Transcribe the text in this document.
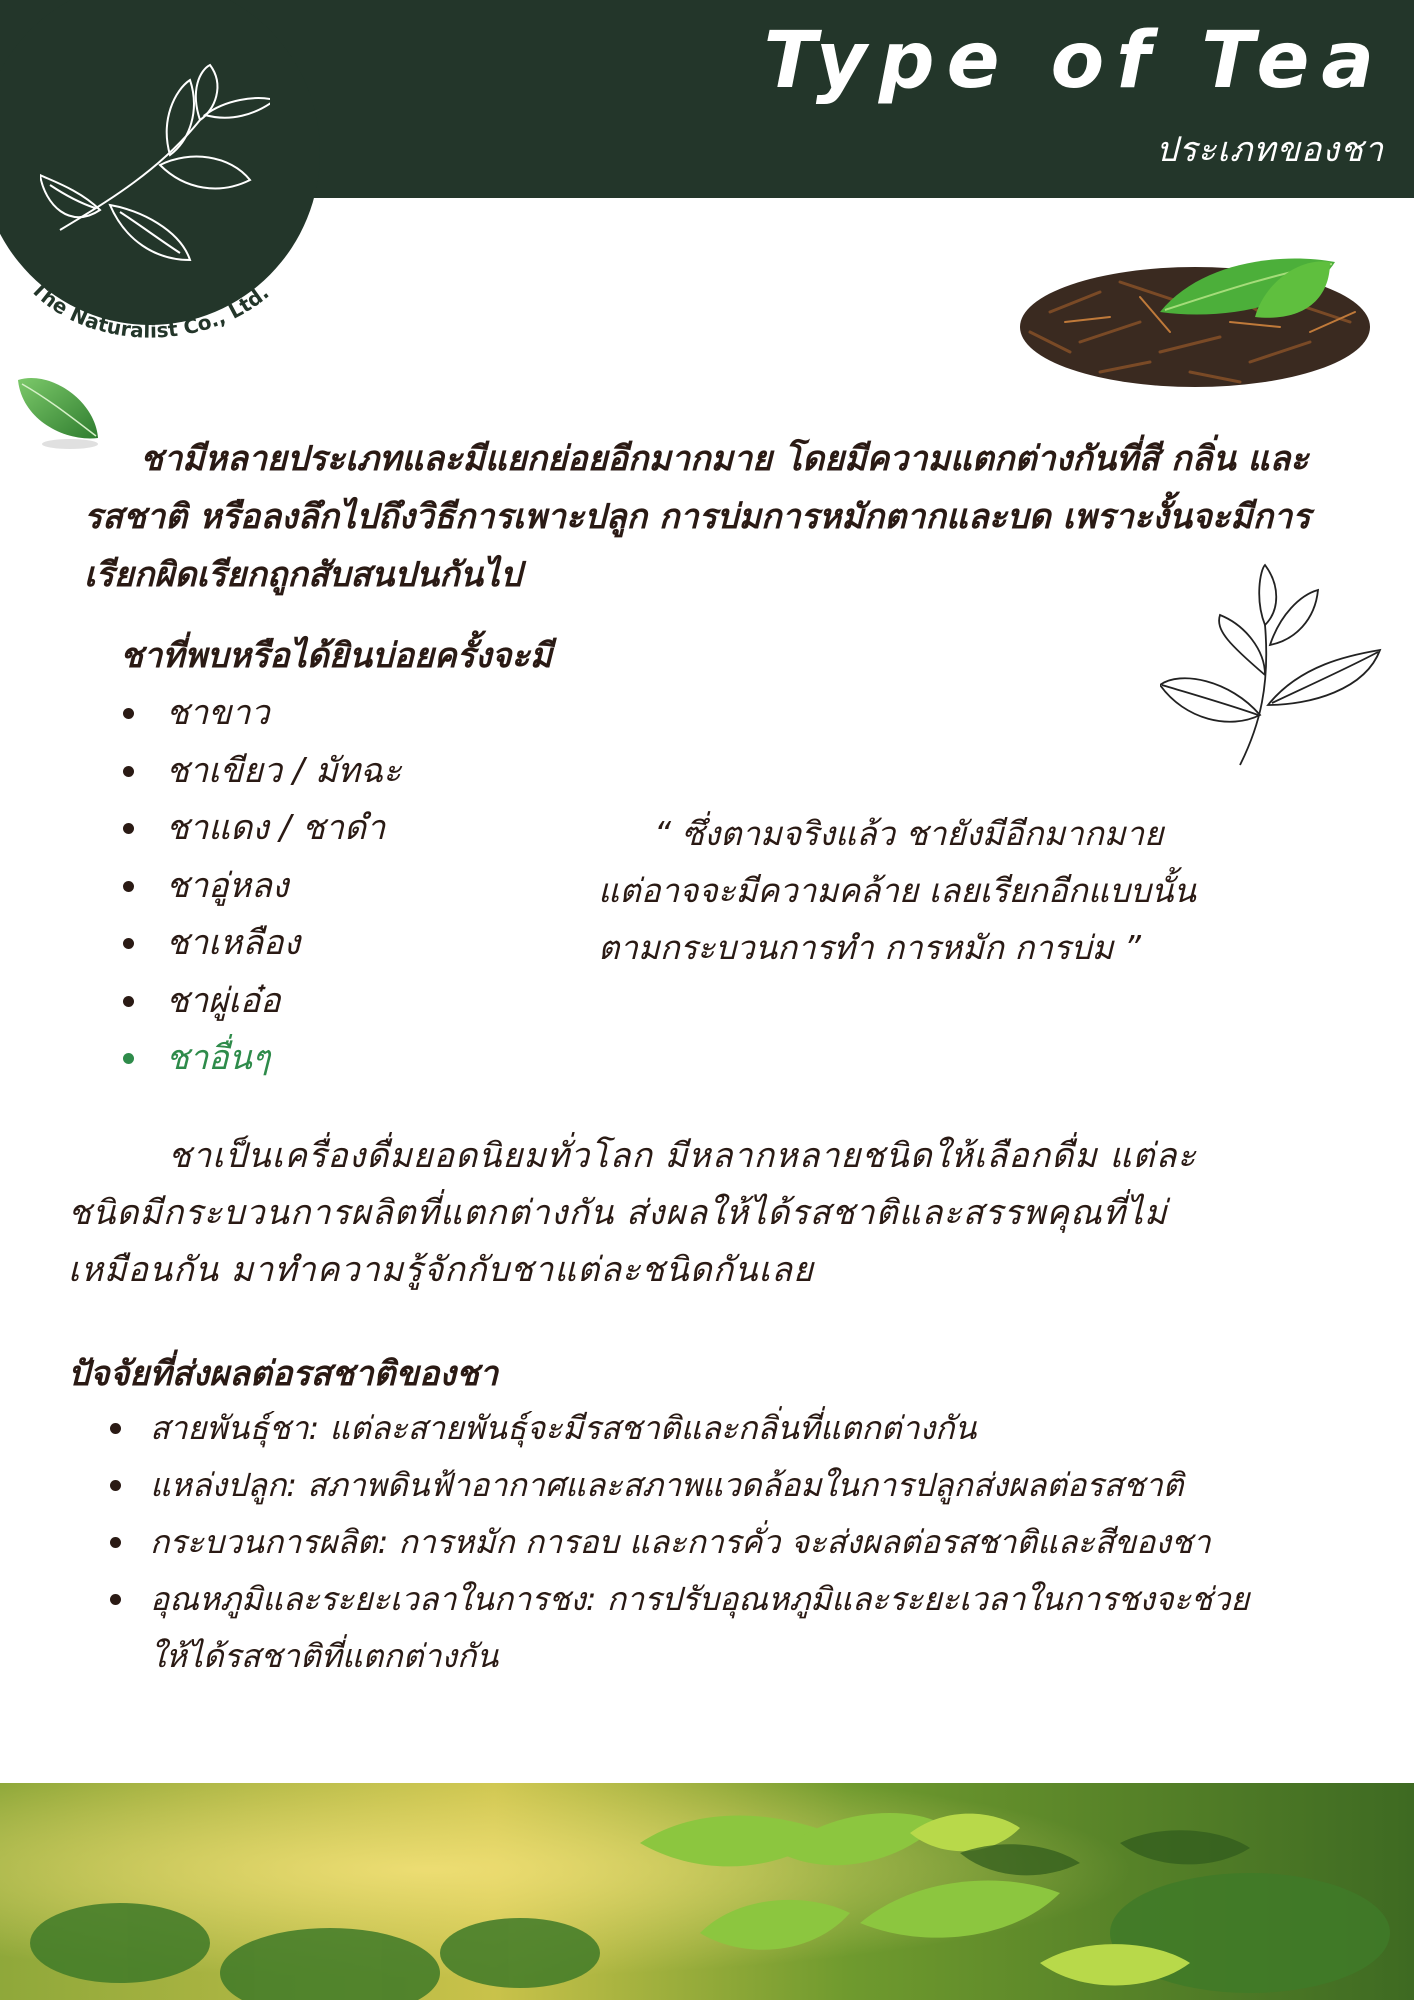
The Naturalist Co., Ltd.
Type of Tea
ประเภทของชา

ชามีหลายประเภทและมีแยกย่อยอีกมากมาย โดยมีความแตกต่างกันที่สี กลิ่น และรสชาติ หรือลงลึกไปถึงวิธีการเพาะปลูก การบ่มการหมักตากและบด เพราะงั้นจะมีการเรียกผิดเรียกถูกสับสนปนกันไป

ชาที่พบหรือได้ยินบ่อยครั้งจะมี
ชาขาว
ชาเขียว / มัทฉะ
ชาแดง / ชาดำ
ชาอู่หลง
ชาเหลือง
ชาผู่เอ๋อ
ชาอื่นๆ

“ ซึ่งตามจริงแล้ว ชายังมีอีกมากมาย
แต่อาจจะมีความคล้าย เลยเรียกอีกแบบนั้น
ตามกระบวนการทำ การหมัก การบ่ม ”

ชาเป็นเครื่องดื่มยอดนิยมทั่วโลก มีหลากหลายชนิดให้เลือกดื่ม แต่ละ
ชนิดมีกระบวนการผลิตที่แตกต่างกัน ส่งผลให้ได้รสชาติและสรรพคุณที่ไม่
เหมือนกัน มาทำความรู้จักกับชาแต่ละชนิดกันเลย

ปัจจัยที่ส่งผลต่อรสชาติของชา
สายพันธุ์ชา: แต่ละสายพันธุ์จะมีรสชาติและกลิ่นที่แตกต่างกัน
แหล่งปลูก: สภาพดินฟ้าอากาศและสภาพแวดล้อมในการปลูกส่งผลต่อรสชาติ
กระบวนการผลิต: การหมัก การอบ และการคั่ว จะส่งผลต่อรสชาติและสีของชา
อุณหภูมิและระยะเวลาในการชง: การปรับอุณหภูมิและระยะเวลาในการชงจะช่วย
ให้ได้รสชาติที่แตกต่างกัน
